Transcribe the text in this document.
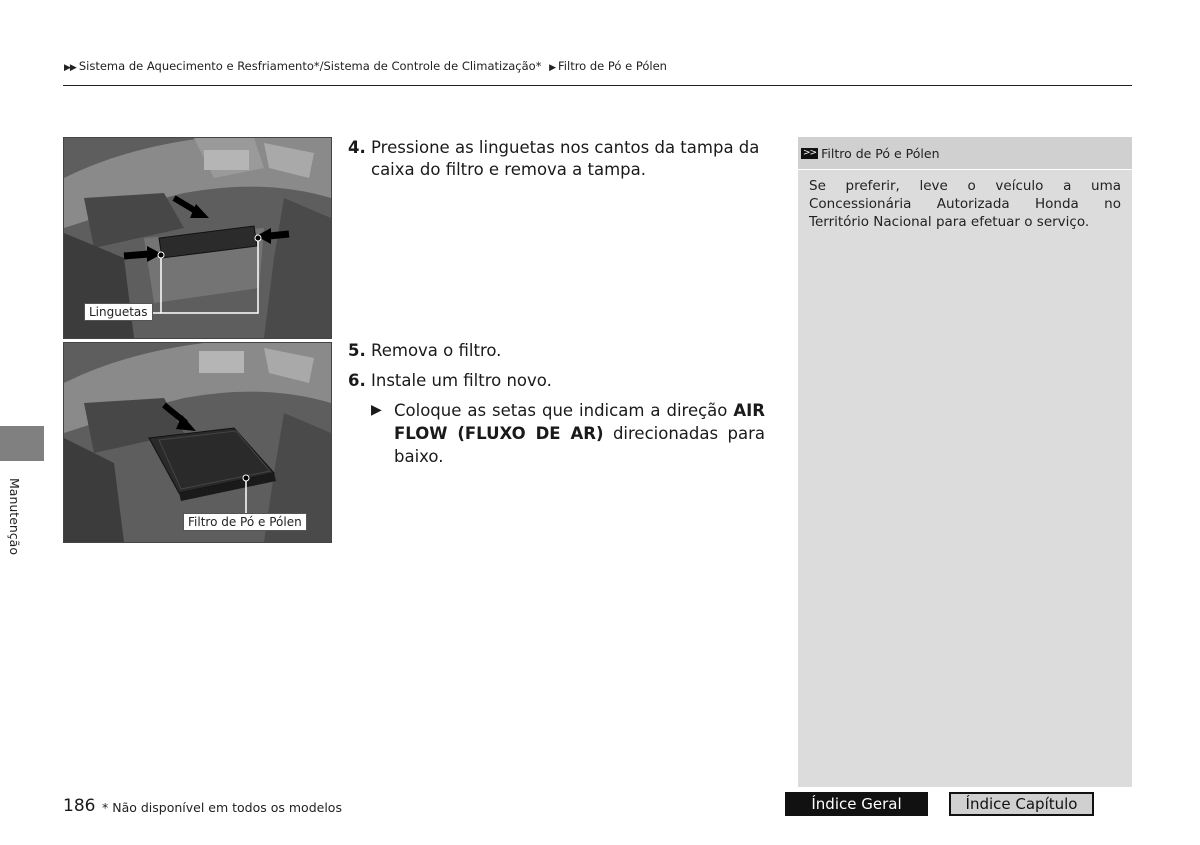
▶▶ Sistema de Aquecimento e Resfriamento*/Sistema de Controle de Climatização* ▶ Filtro de Pó e Pólen
Linguetas
Filtro de Pó e Pólen
4. Pressione as linguetas nos cantos da tampa da caixa do filtro e remova a tampa.
5. Remova o filtro.
6. Instale um filtro novo.
▶ Coloque as setas que indicam a direção AIR FLOW (FLUXO DE AR) direcionadas para baixo.
>> Filtro de Pó e Pólen
Se preferir, leve o veículo a uma Concessionária Autorizada Honda no Território Nacional para efetuar o serviço.
Manutenção
186 * Não disponível em todos os modelos	Índice Geral	Índice Capítulo
